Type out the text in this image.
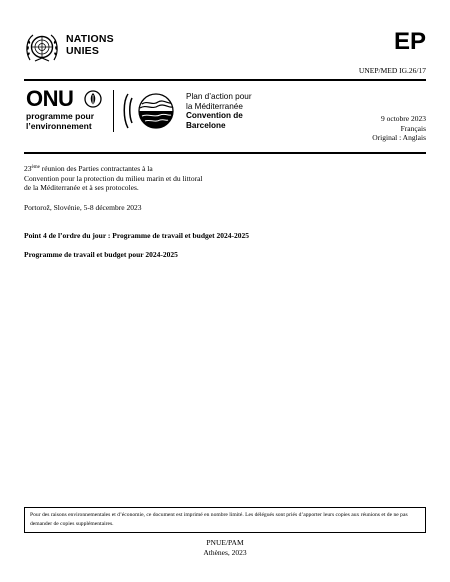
NATIONS
UNIES	EP
UNEP/MED IG.26/17
ONU
programme pour
l’environnement
Plan d’action pour
la Méditerranée
Convention de
Barcelone
9 octobre 2023
Français
Original : Anglais
23ème réunion des Parties contractantes à la
Convention pour la protection du milieu marin et du littoral
de la Méditerranée et à ses protocoles.
Portorož, Slovénie, 5-8 décembre 2023
Point 4 de l’ordre du jour : Programme de travail et budget 2024-2025
Programme de travail et budget pour 2024-2025
Pour des raisons environnementales et d’économie, ce document est imprimé en nombre limité. Les délégués sont priés d’apporter leurs copies aux réunions et de ne pas demander de copies supplémentaires.
PNUE/PAM
Athènes, 2023
